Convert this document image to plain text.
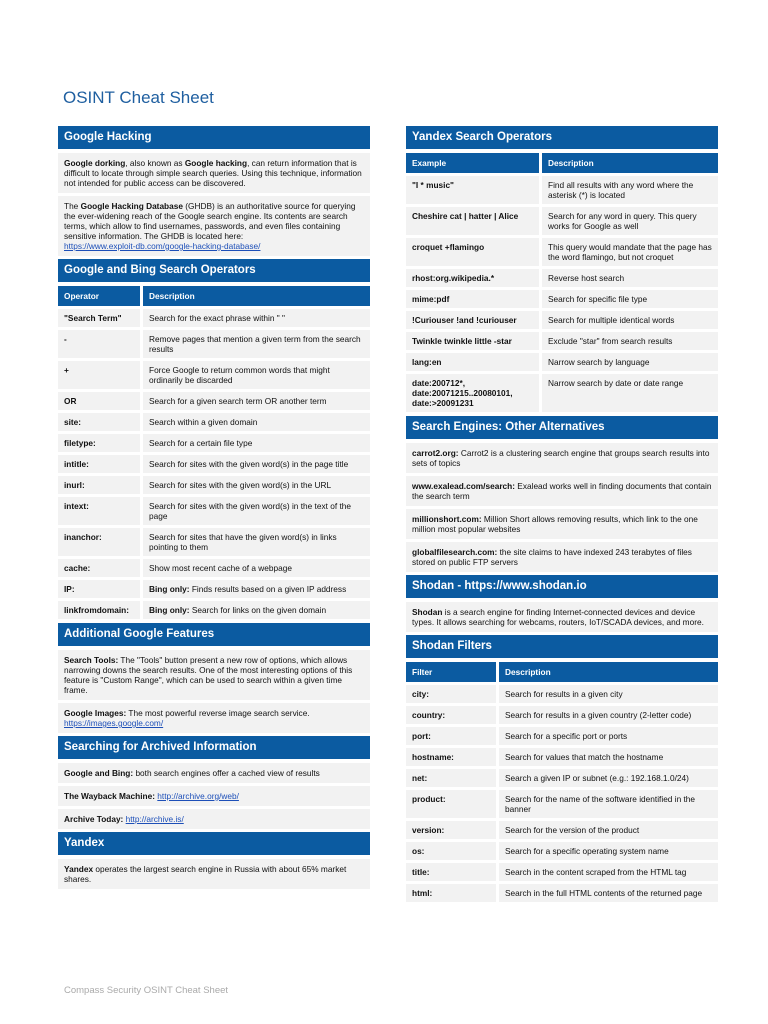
OSINT Cheat Sheet
Google Hacking
Google dorking, also known as Google hacking, can return information that is difficult to locate through simple search queries. Using this technique, information not intended for public access can be discovered.
The Google Hacking Database (GHDB) is an authoritative source for querying the ever-widening reach of the Google search engine. Its contents are search terms, which allow to find usernames, passwords, and even files containing sensitive information. The GHDB is located here:
https://www.exploit-db.com/google-hacking-database/
Google and Bing Search Operators
Operator	Description
"Search Term"	Search for the exact phrase within " "
-	Remove pages that mention a given term from the search results
+	Force Google to return common words that might ordinarily be discarded
OR	Search for a given search term OR another term
site:	Search within a given domain
filetype:	Search for a certain file type
intitle:	Search for sites with the given word(s) in the page title
inurl:	Search for sites with the given word(s) in the URL
intext:	Search for sites with the given word(s) in the text of the page
inanchor:	Search for sites that have the given word(s) in links pointing to them
cache:	Show most recent cache of a webpage
IP:	Bing only: Finds results based on a given IP address
linkfromdomain:	Bing only: Search for links on the given domain
Additional Google Features
Search Tools: The "Tools" button present a new row of options, which allows narrowing downs the search results. One of the most interesting options of this feature is "Custom Range", which can be used to search within a given time frame.
Google Images: The most powerful reverse image search service.
https://images.google.com/
Searching for Archived Information
Google and Bing: both search engines offer a cached view of results
The Wayback Machine: http://archive.org/web/
Archive Today: http://archive.is/
Yandex
Yandex operates the largest search engine in Russia with about 65% market shares.
Yandex Search Operators
Example	Description
"I * music"	Find all results with any word where the asterisk (*) is located
Cheshire cat | hatter | Alice	Search for any word in query. This query works for Google as well
croquet +flamingo	This query would mandate that the page has the word flamingo, but not croquet
rhost:org.wikipedia.*	Reverse host search
mime:pdf	Search for specific file type
!Curiouser !and !curiouser	Search for multiple identical words
Twinkle twinkle little -star	Exclude "star" from search results
lang:en	Narrow search by language
date:200712*, date:20071215..20080101, date:>20091231	Narrow search by date or date range
Search Engines: Other Alternatives
carrot2.org: Carrot2 is a clustering search engine that groups search results into sets of topics
www.exalead.com/search: Exalead works well in finding documents that contain the search term
millionshort.com: Million Short allows removing results, which link to the one million most popular websites
globalfilesearch.com: the site claims to have indexed 243 terabytes of files stored on public FTP servers
Shodan - https://www.shodan.io
Shodan is a search engine for finding Internet-connected devices and device types. It allows searching for webcams, routers, IoT/SCADA devices, and more.
Shodan Filters
Filter	Description
city:	Search for results in a given city
country:	Search for results in a given country (2-letter code)
port:	Search for a specific port or ports
hostname:	Search for values that match the hostname
net:	Search a given IP or subnet (e.g.: 192.168.1.0/24)
product:	Search for the name of the software identified in the banner
version:	Search for the version of the product
os:	Search for a specific operating system name
title:	Search in the content scraped from the HTML tag
html:	Search in the full HTML contents of the returned page
Compass Security OSINT Cheat Sheet
